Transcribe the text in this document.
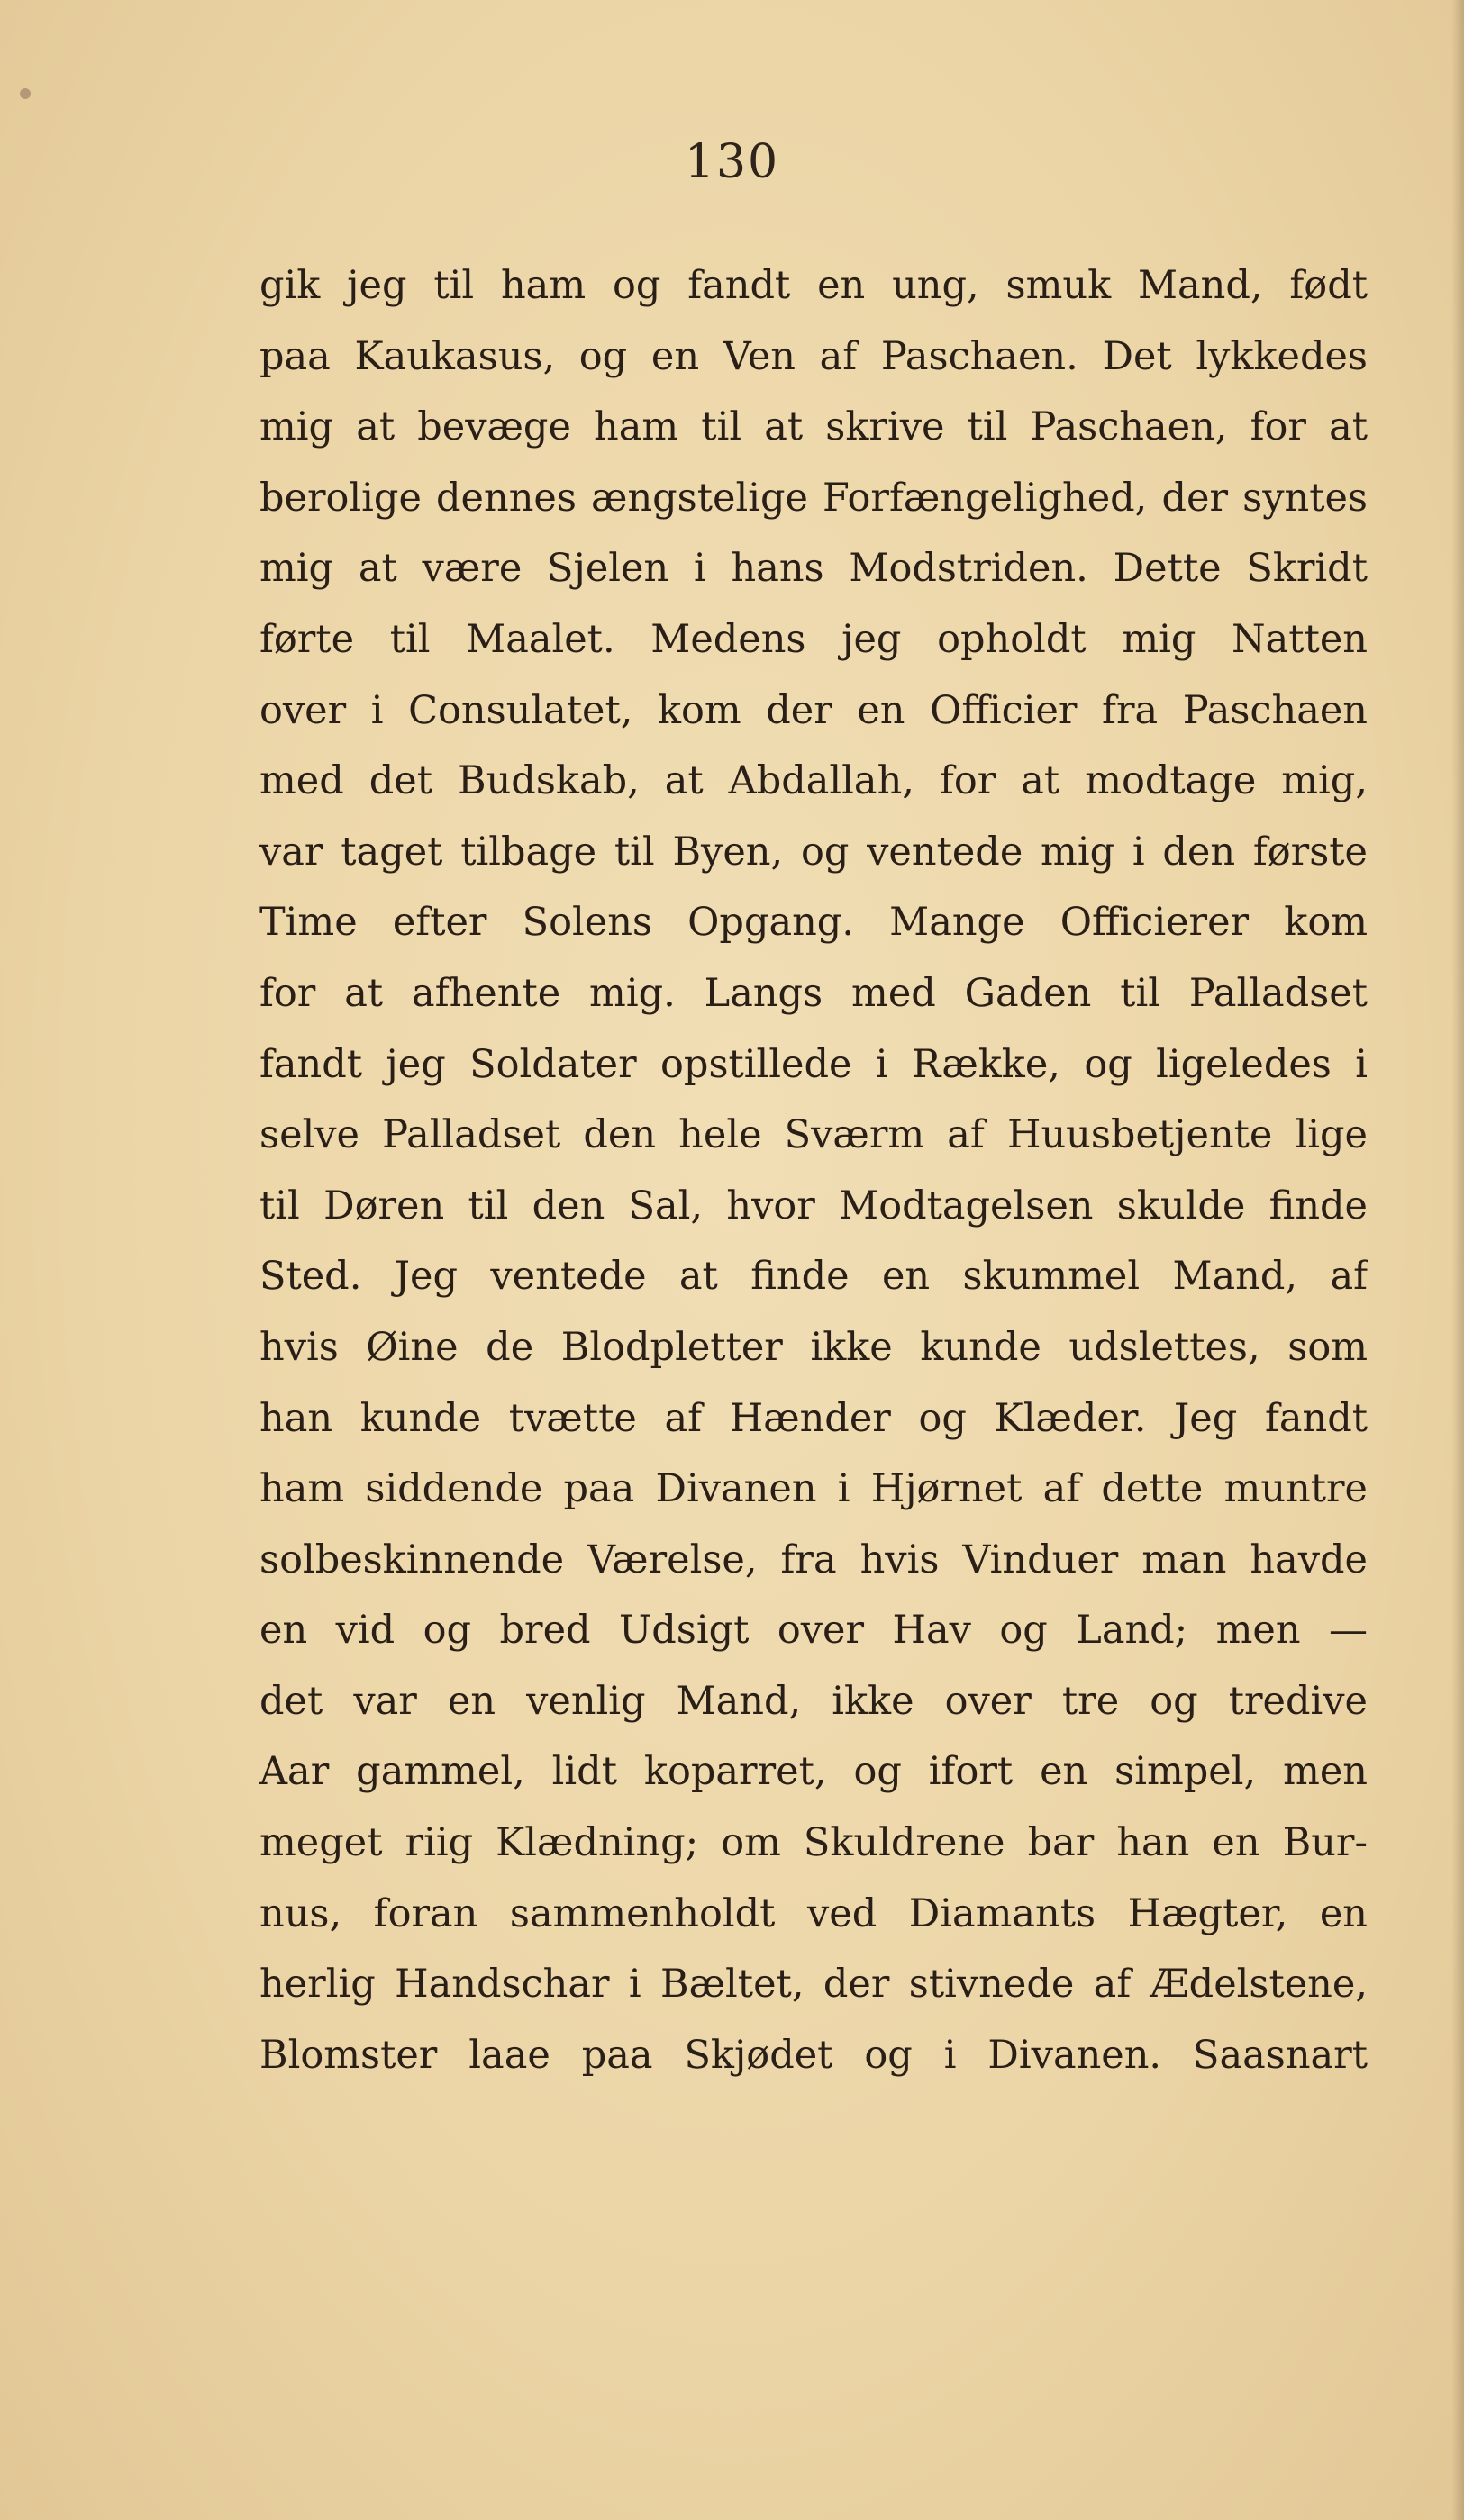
130
gik jeg til ham og fandt en ung, smuk Mand, født
paa Kaukasus, og en Ven af Paschaen. Det lykkedes
mig at bevæge ham til at skrive til Paschaen, for at
berolige dennes ængstelige Forfængelighed, der syntes
mig at være Sjelen i hans Modstriden. Dette Skridt
førte til Maalet. Medens jeg opholdt mig Natten
over i Consulatet, kom der en Officier fra Paschaen
med det Budskab, at Abdallah, for at modtage mig,
var taget tilbage til Byen, og ventede mig i den første
Time efter Solens Opgang. Mange Officierer kom
for at afhente mig. Langs med Gaden til Palladset
fandt jeg Soldater opstillede i Række, og ligeledes i
selve Palladset den hele Sværm af Huusbetjente lige
til Døren til den Sal, hvor Modtagelsen skulde finde
Sted. Jeg ventede at finde en skummel Mand, af
hvis Øine de Blodpletter ikke kunde udslettes, som
han kunde tvætte af Hænder og Klæder. Jeg fandt
ham siddende paa Divanen i Hjørnet af dette muntre
solbeskinnende Værelse, fra hvis Vinduer man havde
en vid og bred Udsigt over Hav og Land; men —
det var en venlig Mand, ikke over tre og tredive
Aar gammel, lidt koparret, og ifort en simpel, men
meget riig Klædning; om Skuldrene bar han en Bur-
nus, foran sammenholdt ved Diamants Hægter, en
herlig Handschar i Bæltet, der stivnede af Ædelstene,
Blomster laae paa Skjødet og i Divanen. Saasnart
